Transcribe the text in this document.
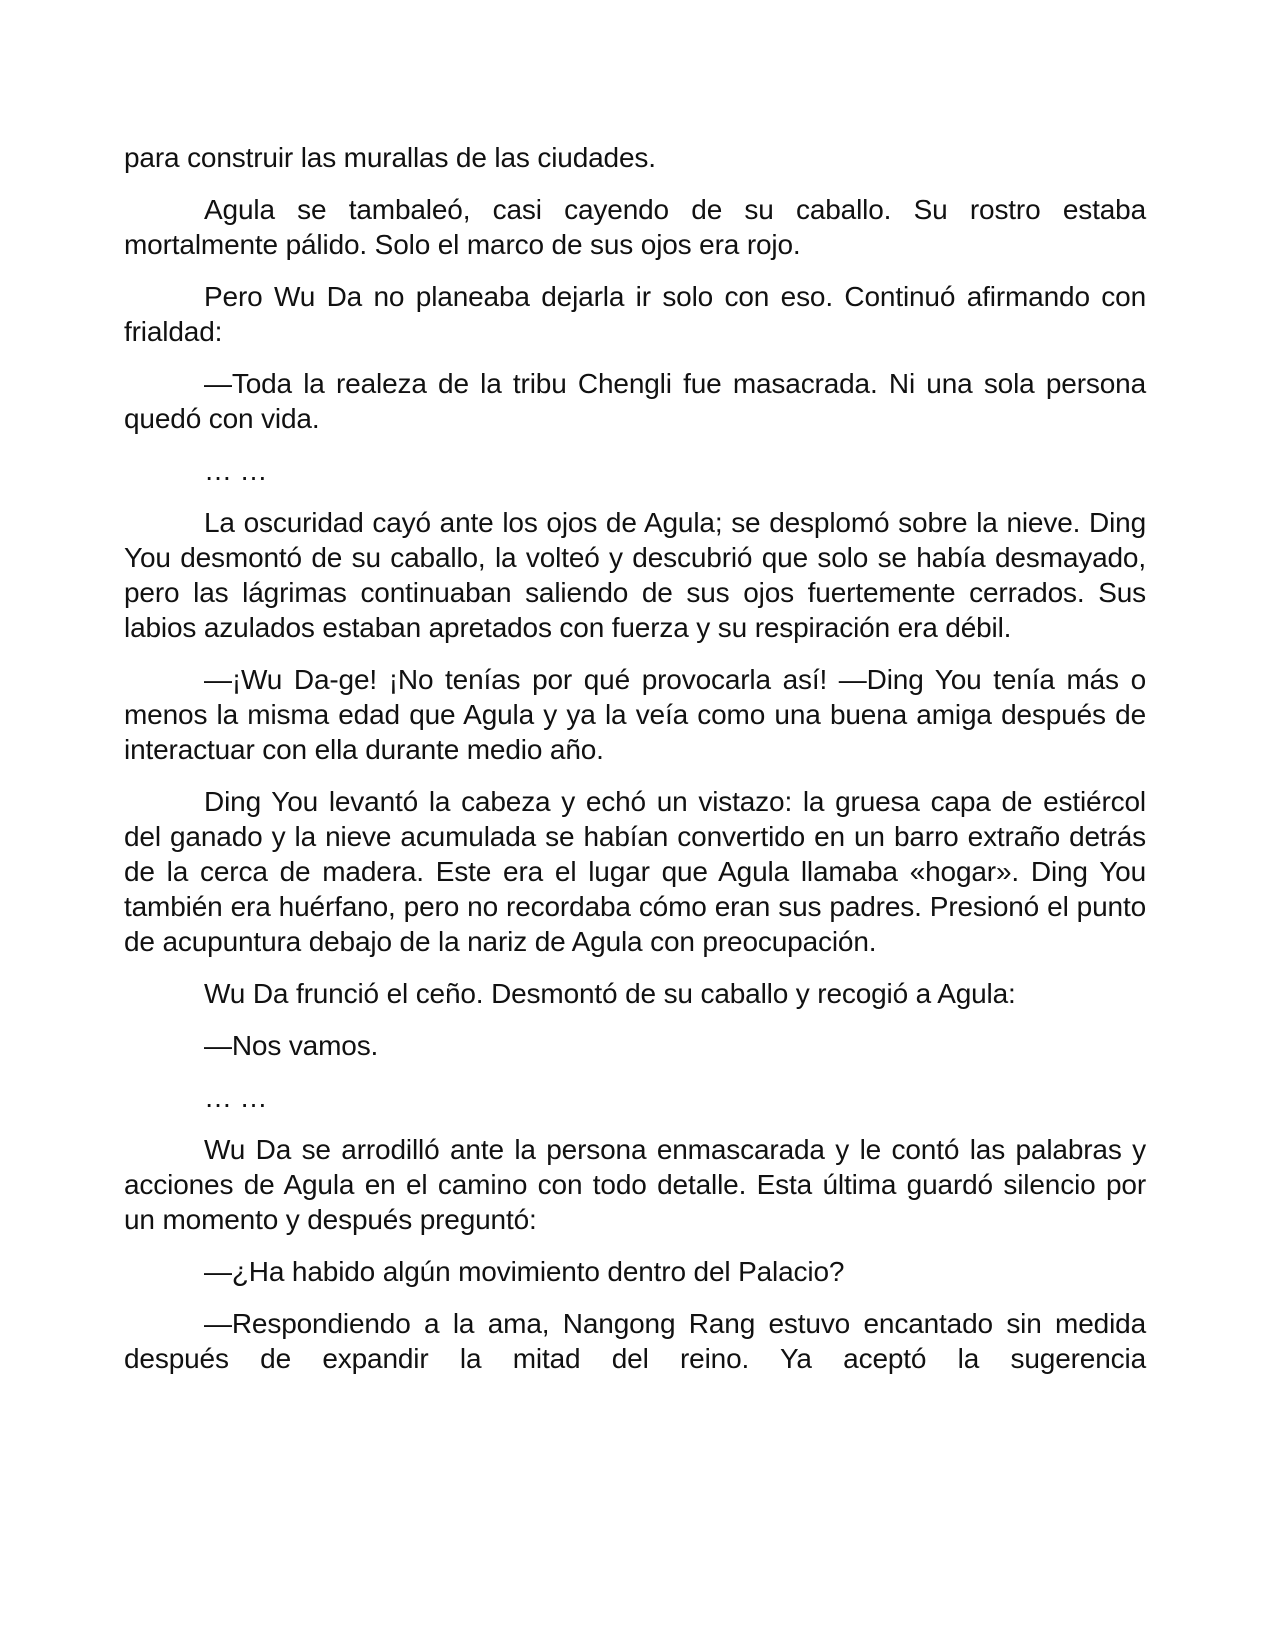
para construir las murallas de las ciudades.

Agula se tambaleó, casi cayendo de su caballo. Su rostro estaba mortalmente pálido. Solo el marco de sus ojos era rojo.

Pero Wu Da no planeaba dejarla ir solo con eso. Continuó afirmando con frialdad:

—Toda la realeza de la tribu Chengli fue masacrada. Ni una sola persona quedó con vida.

… …

La oscuridad cayó ante los ojos de Agula; se desplomó sobre la nieve. Ding You desmontó de su caballo, la volteó y descubrió que solo se había desmayado, pero las lágrimas continuaban saliendo de sus ojos fuertemente cerrados. Sus labios azulados estaban apretados con fuerza y su respiración era débil.

—¡Wu Da-ge! ¡No tenías por qué provocarla así! —Ding You tenía más o menos la misma edad que Agula y ya la veía como una buena amiga después de interactuar con ella durante medio año.

Ding You levantó la cabeza y echó un vistazo: la gruesa capa de estiércol del ganado y la nieve acumulada se habían convertido en un barro extraño detrás de la cerca de madera. Este era el lugar que Agula llamaba «hogar». Ding You también era huérfano, pero no recordaba cómo eran sus padres. Presionó el punto de acupuntura debajo de la nariz de Agula con preocupación.

Wu Da frunció el ceño. Desmontó de su caballo y recogió a Agula:

—Nos vamos.

… …

Wu Da se arrodilló ante la persona enmascarada y le contó las palabras y acciones de Agula en el camino con todo detalle. Esta última guardó silencio por un momento y después preguntó:

—¿Ha habido algún movimiento dentro del Palacio?

—Respondiendo a la ama, Nangong Rang estuvo encantado sin medida después de expandir la mitad del reino. Ya aceptó la sugerencia
